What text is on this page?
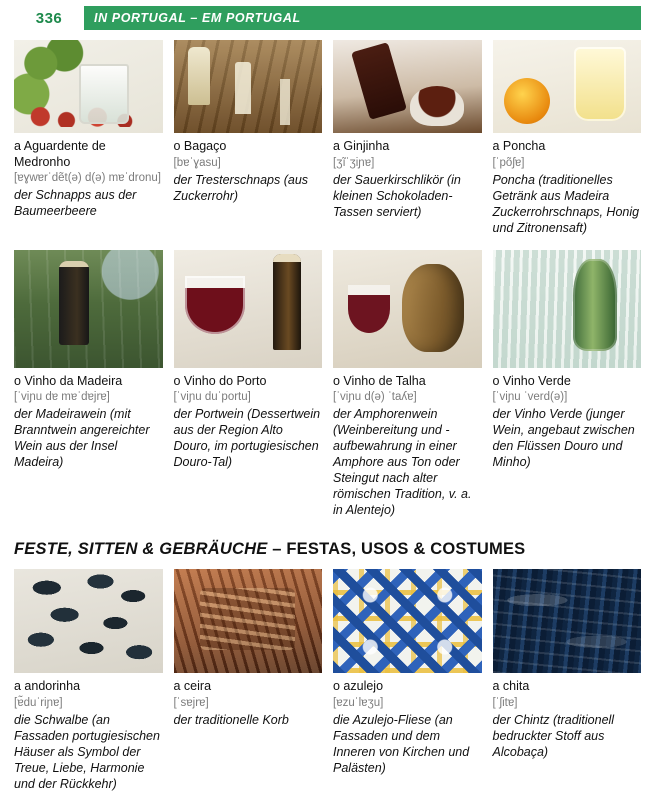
336	IN PORTUGAL – EM PORTUGAL
a Aguardente de Medronho
[ɐɣwɐrˈdẽt(ə) d(ə) mɐˈdronu]
der Schnapps aus der Baumeerbeere
o Bagaço
[bɐˈɣasu]
der Tresterschnaps (aus Zuckerrohr)
a Ginjinha
[ʒĩˈʒiɲɐ]
der Sauerkirschlikör (in kleinen Schokoladen-Tassen serviert)
a Poncha
[ˈpõʃɐ]
Poncha (traditionelles Getränk aus Madeira Zuckerrohrschnaps, Honig und Zitronensaft)
o Vinho da Madeira
[ˈviɲu dɐ mɐˈdɐjrɐ]
der Madeirawein (mit Branntwein angereichter Wein aus der Insel Madeira)
o Vinho do Porto
[ˈviɲu duˈportu]
der Portwein (Dessertwein aus der Region Alto Douro, im portugiesischen Douro-Tal)
o Vinho de Talha
[ˈviɲu d(ə) ˈtaʎɐ]
der Amphorenwein (Weinbereitung und -aufbewahrung in einer Amphore aus Ton oder Steingut nach alter römischen Tradition, v. a. in Alentejo)
o Vinho Verde
[ˈviɲu ˈverd(ə)]
der Vinho Verde (junger Wein, angebaut zwischen den Flüssen Douro und Minho)
FESTE, SITTEN & GEBRÄUCHE – FESTAS, USOS & COSTUMES
a andorinha
[ɐ̃duˈriɲɐ]
die Schwalbe (an Fassaden portugiesischen Häuser als Symbol der Treue, Liebe, Harmonie und der Rückkehr)
a ceira
[ˈsɐjrɐ]
der traditionelle Korb
o azulejo
[ɐzuˈlɐʒu]
die Azulejo-Fliese (an Fassaden und dem Inneren von Kirchen und Palästen)
a chita
[ˈʃitɐ]
der Chintz (traditionell bedruckter Stoff aus Alcobaça)
